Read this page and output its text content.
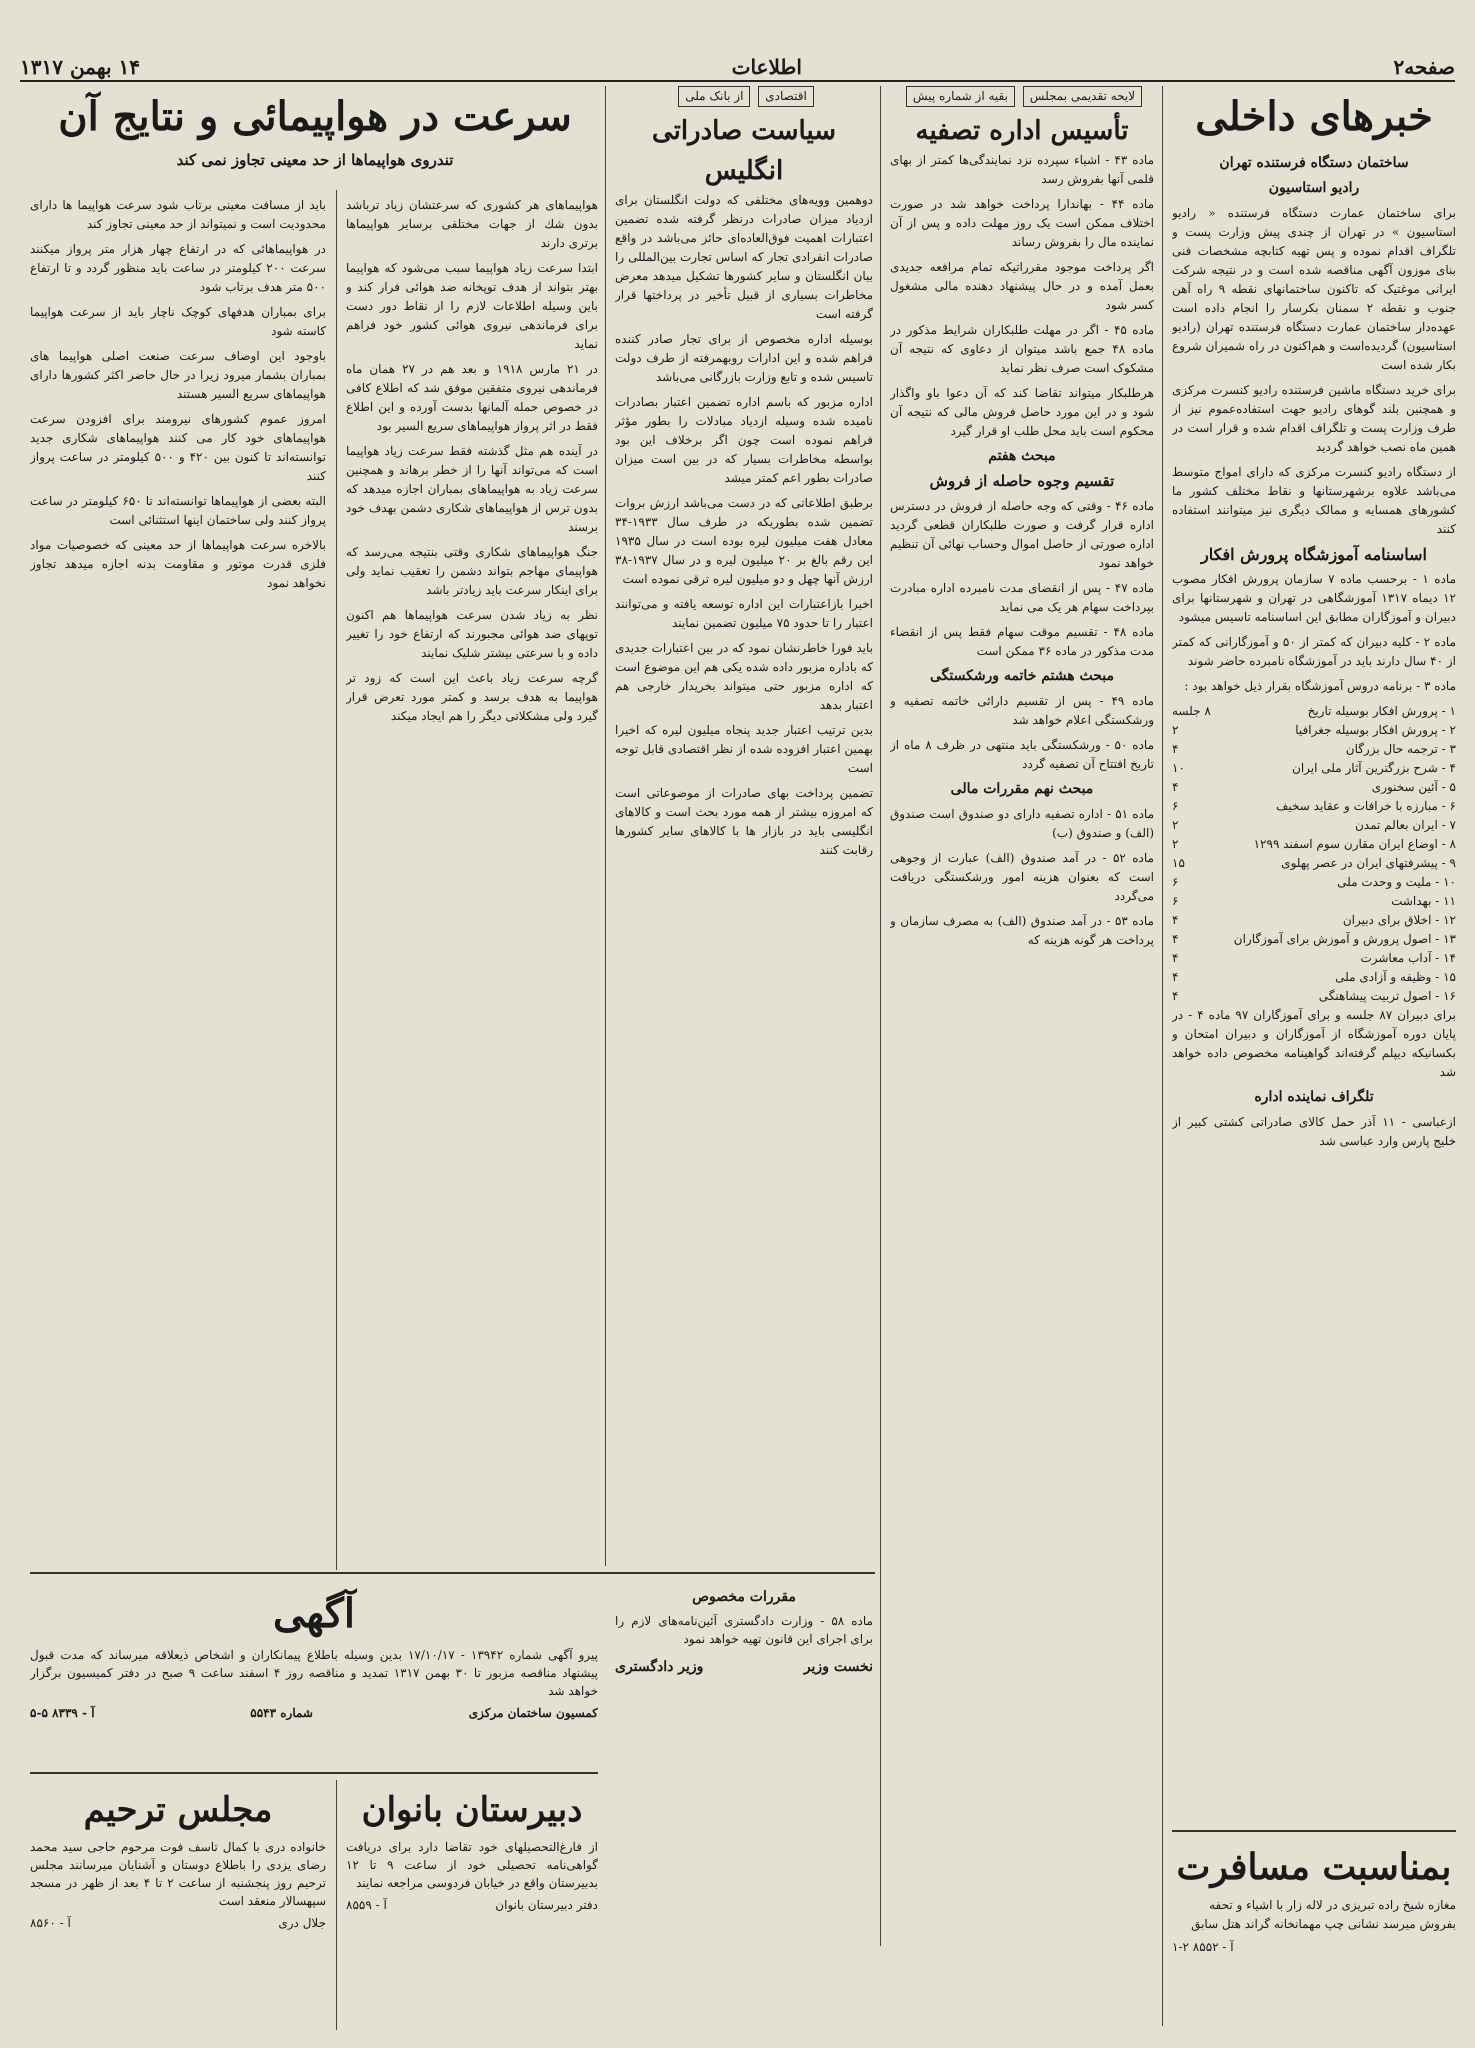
صفحه۲
اطلاعات
۱۴ بهمن ۱۳۱۷
خبرهای داخلی
ساختمان دستگاه فرستنده تهران
رادیو استاسیون

برای ساختمان عمارت دستگاه فرستنده « رادیو استاسیون » در تهران از چندی پیش وزارت پست و تلگراف اقدام نموده و پس تهیه کتابچه مشخصات فنی بنای موزون آگهی مناقصه شده است و در نتیجه شرکت ایرانی موغتیک که تاکنون ساختمانهای نقطه ۹ راه آهن جنوب و نقطه ۲ سمنان بکرسار را انجام داده است عهده‌دار ساختمان عمارت دستگاه فرستنده تهران (رادیو استاسیون) گردیده‌است و هم‌اکنون در راه شمیران شروع بکار شده است

برای خرید دستگاه ماشین فرستنده رادیو کنسرت مرکزی و همچنین بلند گوهای رادیو جهت استفاده‌عموم نیز از طرف وزارت پست و تلگراف اقدام شده و قرار است در همین ماه نصب خواهد گردید

از دستگاه رادیو کنسرت مرکزی که دارای امواج متوسط می‌باشد علاوه برشهرستانها و نقاط مختلف کشور ما کشورهای همسایه و ممالک دیگری نیز میتوانند استفاده کنند

اساسنامه آموزشگاه پرورش افکار

ماده ۱ - برحسب ماده ۷ سازمان پرورش افکار مصوب ۱۲ دیماه ۱۳۱۷ آموزشگاهی در تهران و شهرستانها برای دبیران و آموزگاران مطابق این اساسنامه تاسیس میشود

ماده ۲ - کلیه دبیران که کمتر از ۵۰ و آموزگارانی که کمتر از ۴۰ سال دارند باید در آموزشگاه نامبرده حاضر شوند

ماده ۳ - برنامه دروس آموزشگاه بقرار ذیل خواهد بود :

۱ - پرورش افکار بوسیله تاریخ
۸ جلسه
۲ - پرورش افکار بوسیله جغرافیا
۲
۳ - ترجمه حال بزرگان
۴
۴ - شرح بزرگترین آثار ملی ایران
۱۰
۵ - آئین سخنوری
۴
۶ - مبارزه با خرافات و عقاید سخیف
۶
۷ - ایران بعالم تمدن
۲
۸ - اوضاع ایران مقارن سوم اسفند ۱۲۹۹
۲
۹ - پیشرفتهای ایران در عصر پهلوی
۱۵
۱۰ - ملیت و وحدت ملی
۶
۱۱ - بهداشت
۶
۱۲ - اخلاق برای دبیران
۴
۱۳ - اصول پرورش و آموزش برای آموزگاران
۴
۱۴ - آداب معاشرت
۴
۱۵ - وظیفه و آزادی ملی
۴
۱۶ - اصول تربیت پیشاهنگی
۴

برای دبیران ۸۷ جلسه و برای آموزگاران ۹۷ ماده ۴ - در پایان دوره آموزشگاه از آموزگاران و دبیران امتحان و بکسانیکه دیپلم گرفته‌اند گواهینامه مخصوص داده خواهد شد

تلگراف نماینده اداره

ازعباسی - ۱۱ آذر حمل کالای صادراتی کشتی کبیر از خلیج پارس وارد عباسی شد

بمناسبت مسافرت
مغازه شیخ راده تبریزی در لاله زار با اشیاء و تحفه بفروش میرسد نشانی چپ مهمانخانه گراند هتل سابق
آ - ۸۵۵۲ ۲-۱
لایحه تقدیمی بمجلس بقیه از شماره پیش
تأسیس اداره تصفیه

ماده ۴۳ - اشیاء سپرده نزد نمایندگی‌ها کمتر از بهای قلمی آنها بفروش رسد

ماده ۴۴ - بهاندارا پرداخت خواهد شد در صورت اختلاف ممکن است یک روز مهلت داده و پس از آن نماینده مال را بفروش رساند

اگر پرداخت موجود مقرراتیکه تمام مرافعه جدیدی بعمل آمده و در حال پیشنهاد دهنده مالی مشغول کسر شود

ماده ۴۵ - اگر در مهلت طلبکاران شرایط مذکور در ماده ۴۸ جمع باشد میتوان از دعاوی که نتیجه آن مشکوک است صرف نظر نماید

هرطلبکار میتواند تقاضا کند که آن دعوا باو واگذار شود و در این مورد حاصل فروش مالی که نتیجه آن محکوم است باید محل طلب او قرار گیرد

مبحث هفتم
تقسیم وجوه حاصله از فروش

ماده ۴۶ - وقتی که وجه حاصله از فروش در دسترس اداره قرار گرفت و صورت طلبکاران قطعی گردید اداره صورتی از حاصل اموال وحساب نهائی آن تنظیم خواهد نمود

ماده ۴۷ - پس از انقضای مدت نامبرده اداره مبادرت بپرداخت سهام هر یک می نماید

ماده ۴۸ - تقسیم موقت سهام فقط پس از انقضاء مدت مذکور در ماده ۳۶ ممکن است

مبحث هشتم خاتمه ورشکستگی

ماده ۴۹ - پس از تقسیم دارائی خاتمه تصفیه و ورشکستگی اعلام خواهد شد

ماده ۵۰ - ورشکستگی باید منتهی در ظرف ۸ ماه از تاریخ افتتاح آن تصفیه گردد

مبحث نهم مقررات مالی

ماده ۵۱ - اداره تصفیه دارای دو صندوق است صندوق (الف) و صندوق (ب)

ماده ۵۲ - در آمد صندوق (الف) عبارت از وجوهی است که بعنوان هزینه امور ورشکستگی دریافت می‌گردد

ماده ۵۳ - در آمد صندوق (الف) به مصرف سازمان و پرداخت هر گونه هزینه که

اقتصادی از بانک ملی
سیاست صادراتی انگلیس

دوهمین وویه‌های مختلفی که دولت انگلستان برای ازدیاد میزان صادرات درنظر گرفته شده تضمین اعتبارات اهمیت فوق‌العاده‌ای حائز می‌باشد در واقع صادرات انفرادی تجار که اساس تجارت بین‌المللی را بیان انگلستان و سایر کشورها تشکیل میدهد معرض مخاطرات بسیاری از قبیل تأخیر در پرداختها قرار گرفته است

بوسیله اداره مخصوص از برای تجار صادر کننده فراهم شده و این ادارات روبهمرفته از طرف دولت تاسیس شده و تابع وزارت بازرگانی می‌باشد

اداره مزبور که باسم اداره تضمین اعتبار بصادرات نامیده شده وسیله ازدیاد مبادلات را بطور مؤثر فراهم نموده است چون اگر برخلاف این بود بواسطه مخاطرات بسیار که در بین است میزان صادرات بطور اعم کمتر میشد

برطبق اطلاعاتی که در دست می‌باشد ارزش بروات تضمین شده بطوریکه در طرف سال ۱۹۳۳-۳۴ معادل هفت میلیون لیره بوده است در سال ۱۹۳۵ این رقم بالغ بر ۲۰ میلیون لیره و در سال ۱۹۳۷-۳۸ ارزش آنها چهل و دو میلیون لیره ترقی نموده است

اخیرا بازاعتبارات این اداره توسعه یافته و می‌توانند اعتبار را تا حدود ۷۵ میلیون تضمین نمایند

باید فورا خاطرنشان نمود که در بین اعتبارات جدیدی که باداره مزبور داده شده یکی هم این موضوع است که اداره مزبور حتی میتواند بخریدار خارجی هم اعتبار بدهد

بدین ترتیب اعتبار جدید پنجاه میلیون لیره که اخیرا بهمین اعتبار افزوده شده از نظر اقتصادی قابل توجه است

تضمین پرداخت بهای صادرات از موضوعاتی است که امروزه بیشتر از همه مورد بحث است و کالاهای انگلیسی باید در بازار ها با کالاهای سایر کشورها رقابت کنند

سرعت در هواپیمائی و نتایج آن
تندروی هواپیماها از حد معینی تجاوز نمی کند

هواپیماهای هر کشوری که سرعتشان زیاد ترباشد بدون شك از جهات مختلفی برسایر هواپیماها برتری دارند

ابتدا سرعت زیاد هواپیما سبب می‌شود که هواپیما بهتر بتواند از هدف توپخانه ضد هوائی فرار کند و باین وسیله اطلاعات لازم را از نقاط دور دست برای فرماندهی نیروی هوائی کشور خود فراهم نماید

در ۲۱ مارس ۱۹۱۸ و بعد هم در ۲۷ همان ماه فرماندهی نیروی متفقین موفق شد که اطلاع کافی در خصوص حمله آلمانها بدست آورده و این اطلاع فقط در اثر پرواز هواپیماهای سریع السیر بود

در آینده هم مثل گذشته فقط سرعت زیاد هواپیما است که می‌تواند آنها را از خطر برهاند و همچنین سرعت زیاد به هواپیماهای بمباران اجازه میدهد که بدون ترس از هواپیماهای شکاری دشمن بهدف خود برسند

جنگ هواپیماهای شکاری وقتی بنتیجه می‌رسد که هواپیمای مهاجم بتواند دشمن را تعقیب نماید ولی برای اینکار سرعت باید زیادتر باشد

نظر به زیاد شدن سرعت هواپیماها هم اکنون توپهای ضد هوائی مجبورند که ارتفاع خود را تغییر داده و با سرعتی بیشتر شلیک نمایند

گرچه سرعت زیاد باعث این است که زود تر هواپیما به هدف برسد و کمتر مورد تعرض قرار گیرد ولی مشکلاتی دیگر را هم ایجاد میکند

باید از مسافت معینی برتاب شود سرعت هواپیما ها دارای محدودیت است و نمیتواند از حد معینی تجاوز کند

در هواپیماهائی که در ارتفاع چهار هزار متر پرواز میکنند سرعت ۲۰۰ کیلومتر در ساعت باید منظور گردد و تا ارتفاع ۵۰۰ متر هدف برتاب شود

برای بمباران هدفهای کوچک ناچار باید از سرعت هواپیما کاسته شود

باوجود این اوصاف سرعت صنعت اصلی هواپیما های بمباران بشمار میرود زیرا در حال حاضر اکثر کشورها دارای هواپیماهای سریع السیر هستند

امروز عموم کشورهای نیرومند برای افزودن سرعت هواپیماهای خود کار می کنند هواپیماهای شکاری جدید توانسته‌اند تا کنون بین ۴۲۰ و ۵۰۰ کیلومتر در ساعت پرواز کنند

البته بعضی از هواپیماها توانسته‌اند تا ۶۵۰ کیلومتر در ساعت پرواز کنند ولی ساختمان اینها استثنائی است

بالاخره سرعت هواپیماها از حد معینی که خصوصیات مواد فلزی قدرت موتور و مقاومت بدنه اجازه میدهد تجاوز نخواهد نمود

آگهی
پیرو آگهی شماره ۱۳۹۴۲ - ۱۷/۱۰/۱۷ بدین وسیله باطلاع پیمانکاران و اشخاص ذیعلاقه میرساند که مدت قبول پیشنهاد مناقصه مزبور تا ۳۰ بهمن ۱۳۱۷ تمدید و مناقصه روز ۴ اسفند ساعت ۹ صبح در دفتر کمیسیون برگزار خواهد شد
کمسیون ساختمان مرکزی
شماره ۵۵۴۳
آ - ۸۳۳۹ ۵-۵
مقررات مخصوص
ماده ۵۸ - وزارت دادگستری آئین‌نامه‌های لازم را برای اجرای این قانون تهیه خواهد نمود
نخست وزیر
وزیر دادگستری
دبیرستان بانوان
از فارغ‌التحصیلهای خود تقاضا دارد برای دریافت گواهی‌نامه تحصیلی خود از ساعت ۹ تا ۱۲ بدبیرستان واقع در خیابان فردوسی مراجعه نمایند
دفتر دبیرستان بانوان
آ - ۸۵۵۹
مجلس ترحیم
خانواده دری با کمال تاسف فوت مرحوم حاجی سید محمد رضای یزدی را باطلاع دوستان و آشنایان میرسانند مجلس ترحیم روز پنجشنبه از ساعت ۲ تا ۴ بعد از ظهر در مسجد سپهسالار منعقد است
جلال دری
آ - ۸۵۶۰
